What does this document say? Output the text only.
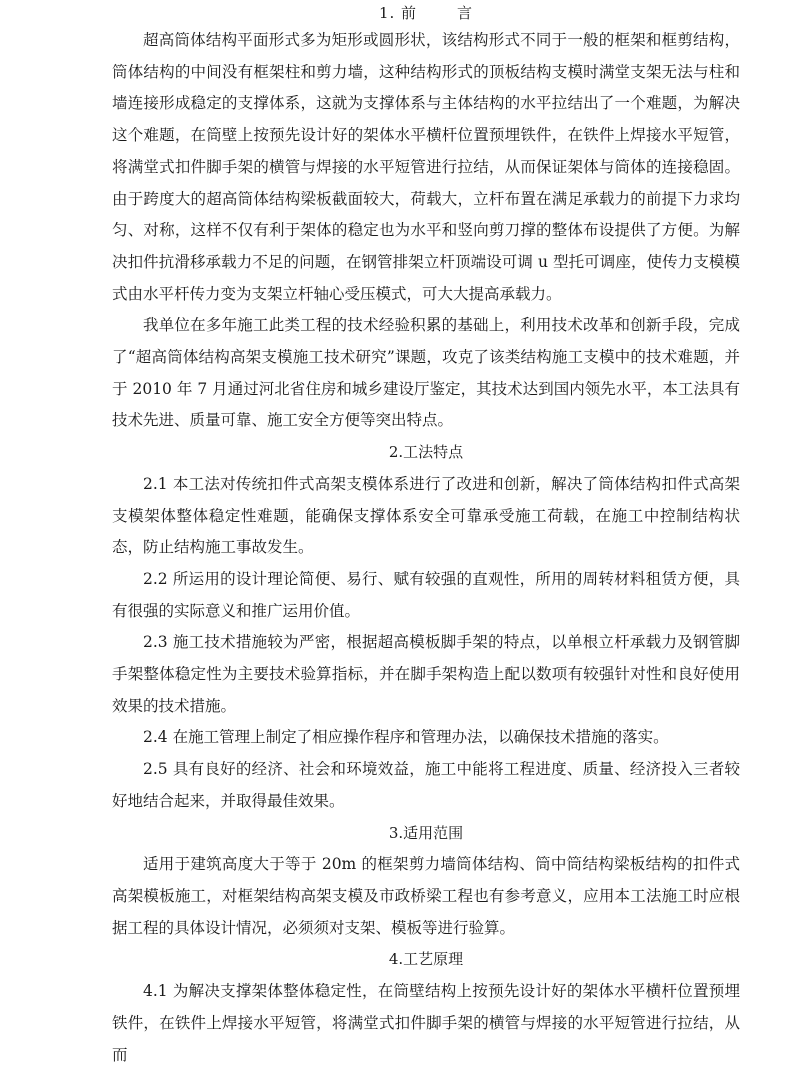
1. 前	言

超高筒体结构平面形式多为矩形或圆形状，该结构形式不同于一般的框架和框剪结构，筒体结构的中间没有框架柱和剪力墙，这种结构形式的顶板结构支模时满堂支架无法与柱和墙连接形成稳定的支撑体系，这就为支撑体系与主体结构的水平拉结出了一个难题，为解决这个难题，在筒壁上按预先设计好的架体水平横杆位置预埋铁件，在铁件上焊接水平短管，将满堂式扣件脚手架的横管与焊接的水平短管进行拉结，从而保证架体与筒体的连接稳固。由于跨度大的超高筒体结构梁板截面较大，荷载大，立杆布置在满足承载力的前提下力求均匀、对称，这样不仅有利于架体的稳定也为水平和竖向剪刀撑的整体布设提供了方便。为解决扣件抗滑移承载力不足的问题，在钢管排架立杆顶端设可调 u 型托可调座，使传力支模模式由水平杆传力变为支架立杆轴心受压模式，可大大提高承载力。

我单位在多年施工此类工程的技术经验积累的基础上，利用技术改革和创新手段，完成了“超高筒体结构高架支模施工技术研究”课题，攻克了该类结构施工支模中的技术难题，并于 2010 年 7 月通过河北省住房和城乡建设厅鉴定，其技术达到国内领先水平，本工法具有技术先进、质量可靠、施工安全方便等突出特点。

2.工法特点

2.1 本工法对传统扣件式高架支模体系进行了改进和创新，解决了筒体结构扣件式高架支模架体整体稳定性难题，能确保支撑体系安全可靠承受施工荷载，在施工中控制结构状态，防止结构施工事故发生。

2.2 所运用的设计理论简便、易行、赋有较强的直观性，所用的周转材料租赁方便，具有很强的实际意义和推广运用价值。

2.3 施工技术措施较为严密，根据超高模板脚手架的特点，以单根立杆承载力及钢管脚手架整体稳定性为主要技术验算指标，并在脚手架构造上配以数项有较强针对性和良好使用效果的技术措施。

2.4 在施工管理上制定了相应操作程序和管理办法，以确保技术措施的落实。

2.5 具有良好的经济、社会和环境效益，施工中能将工程进度、质量、经济投入三者较好地结合起来，并取得最佳效果。

3.适用范围

适用于建筑高度大于等于 20m 的框架剪力墙筒体结构、筒中筒结构梁板结构的扣件式高架模板施工，对框架结构高架支模及市政桥梁工程也有参考意义，应用本工法施工时应根据工程的具体设计情况，必须须对支架、模板等进行验算。

4.工艺原理

4.1 为解决支撑架体整体稳定性，在筒壁结构上按预先设计好的架体水平横杆位置预埋铁件，在铁件上焊接水平短管，将满堂式扣件脚手架的横管与焊接的水平短管进行拉结，从而
